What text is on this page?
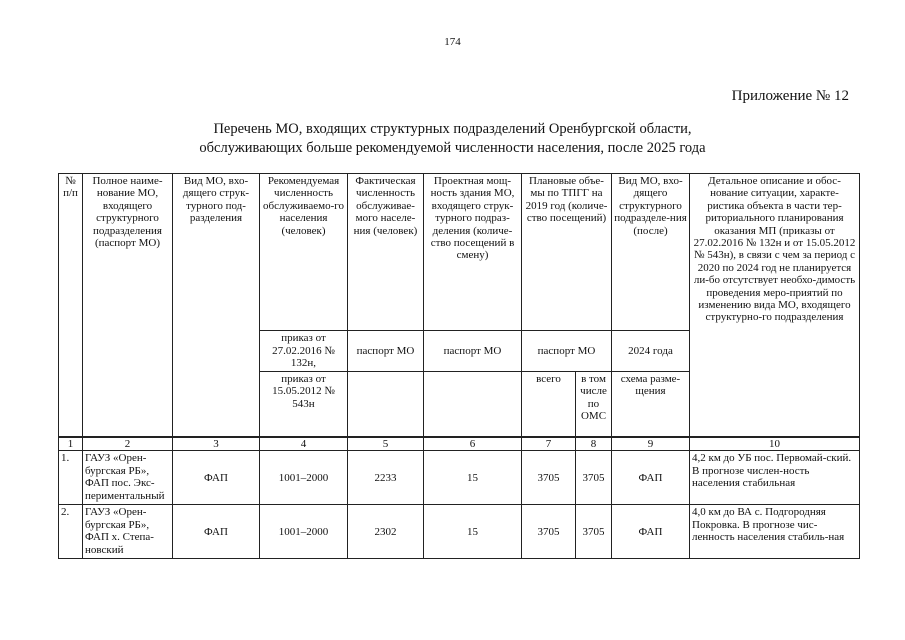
174
Приложение № 12
Перечень МО, входящих структурных подразделений Оренбургской области,
обслуживающих больше рекомендуемой численности населения, после 2025 года
№ п/п	Полное наиме-нование МО, входящего структурного подразделения (паспорт МО)	Вид МО, вхо-дящего струк-турного под-разделения	Рекомендуемая численность обслуживаемо-го населения (человек)	Фактическая численность обслуживае-мого населе-ния (человек)	Проектная мощ-ность здания МО, входящего струк-турного подраз-деления (количе-ство посещений в смену)	Плановые объе-мы по ТПГГ на 2019 год (количе-ство посещений)		Вид МО, вхо-дящего структурного подразделе-ния (после)	Детальное описание и обос-нование ситуации, характе-ристика объекта в части тер-риториального планирования оказания МП (приказы от 27.02.2016 № 132н и от 15.05.2012 № 543н), в связи с чем за период с 2020 по 2024 год не планируется ли-бо отсутствует необхо-димость проведения меро-приятий по изменению вида МО, входящего структурно-го подразделения
			приказ от 27.02.2016 № 132н,	паспорт МО	паспорт МО	паспорт МО		2024 года	
			приказ от 15.05.2012 № 543н			всего	в том числе по ОМС	схема разме-щения	
1	2	3	4	5	6	7	8	9	10
1.	ГАУЗ «Орен-бургская РБ», ФАП пос. Экс-периментальный	ФАП	1001–2000	2233	15	3705	3705	ФАП	4,2 км до УБ пос. Первомай-ский. В прогнозе числен-ность населения стабильная
2.	ГАУЗ «Орен-бургская РБ», ФАП х. Степа-новский	ФАП	1001–2000	2302	15	3705	3705	ФАП	4,0 км до ВА с. Подгородняя Покровка. В прогнозе чис-ленность населения стабиль-ная
